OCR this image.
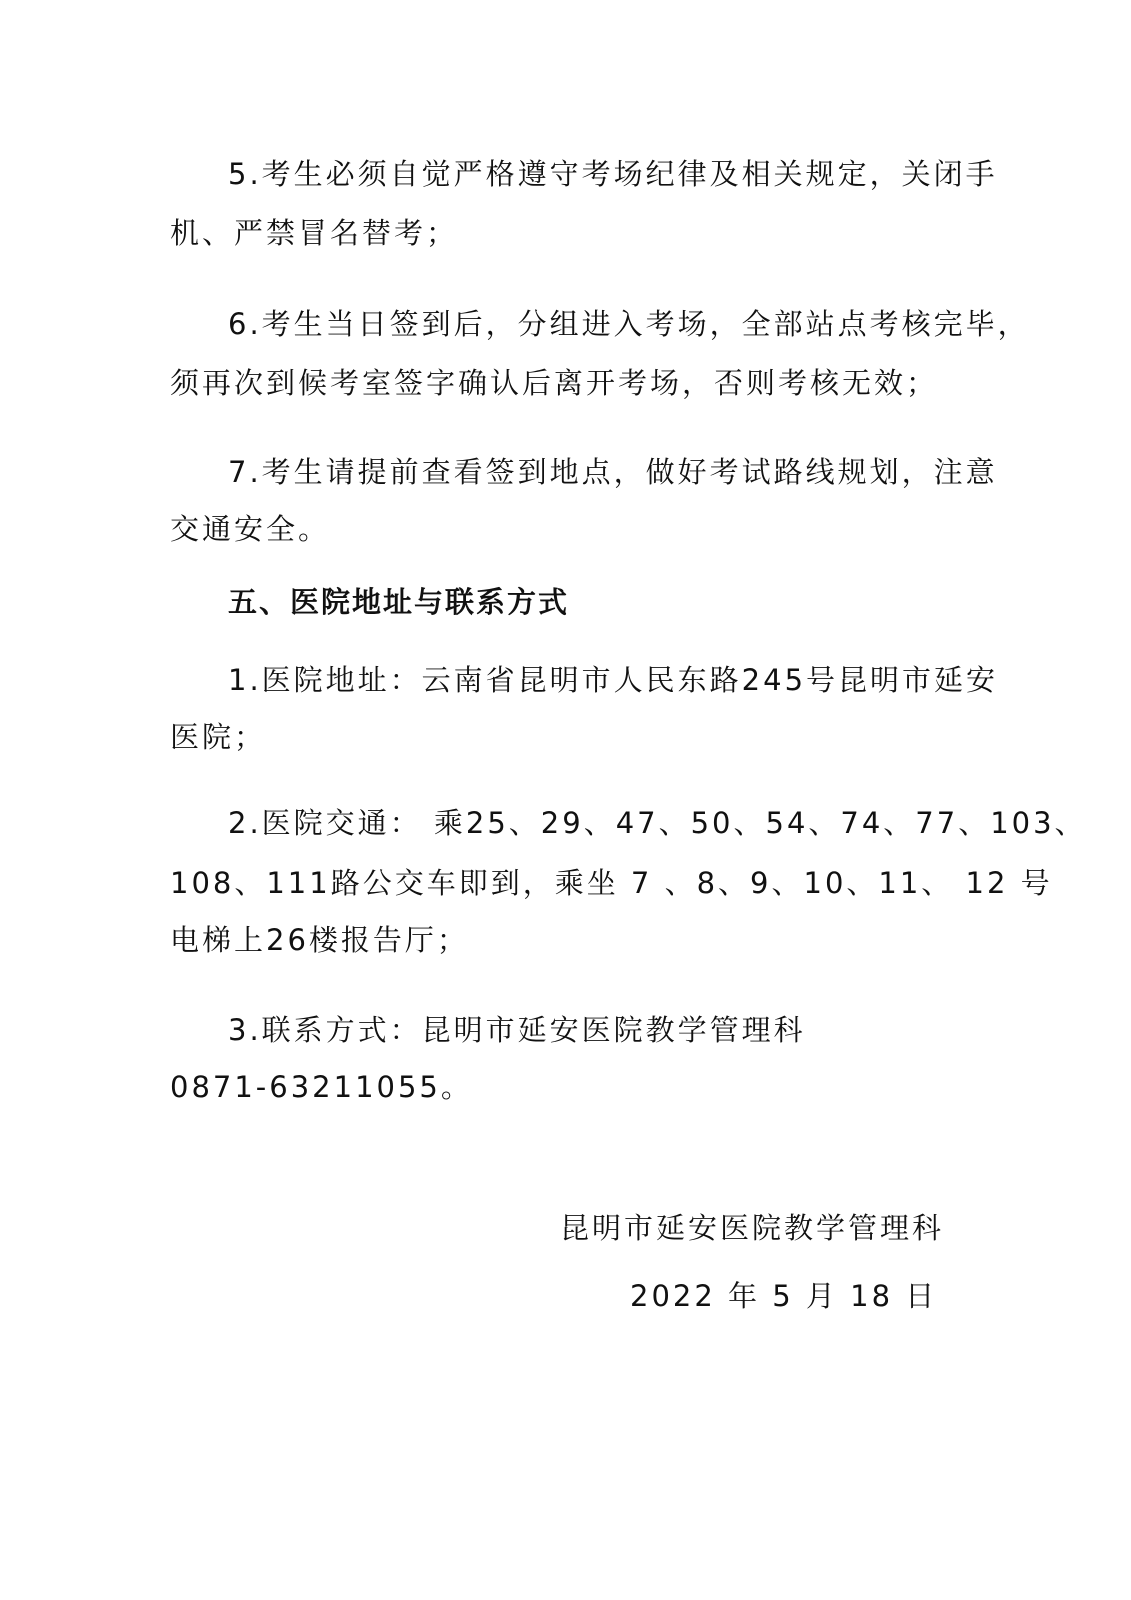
5.考生必须自觉严格遵守考场纪律及相关规定，关闭手
机、严禁冒名替考；
6.考生当日签到后，分组进入考场，全部站点考核完毕，
须再次到候考室签字确认后离开考场，否则考核无效；
7.考生请提前查看签到地点，做好考试路线规划，注意
交通安全。
五、医院地址与联系方式
1.医院地址：云南省昆明市人民东路245号昆明市延安
医院；
2.医院交通： 乘25、29、47、50、54、74、77、103、
108、111路公交车即到，乘坐 7 、8、9、10、11、 12 号
电梯上26楼报告厅；
3.联系方式：昆明市延安医院教学管理科
0871-63211055。
昆明市延安医院教学管理科
2022 年 5 月 18 日
